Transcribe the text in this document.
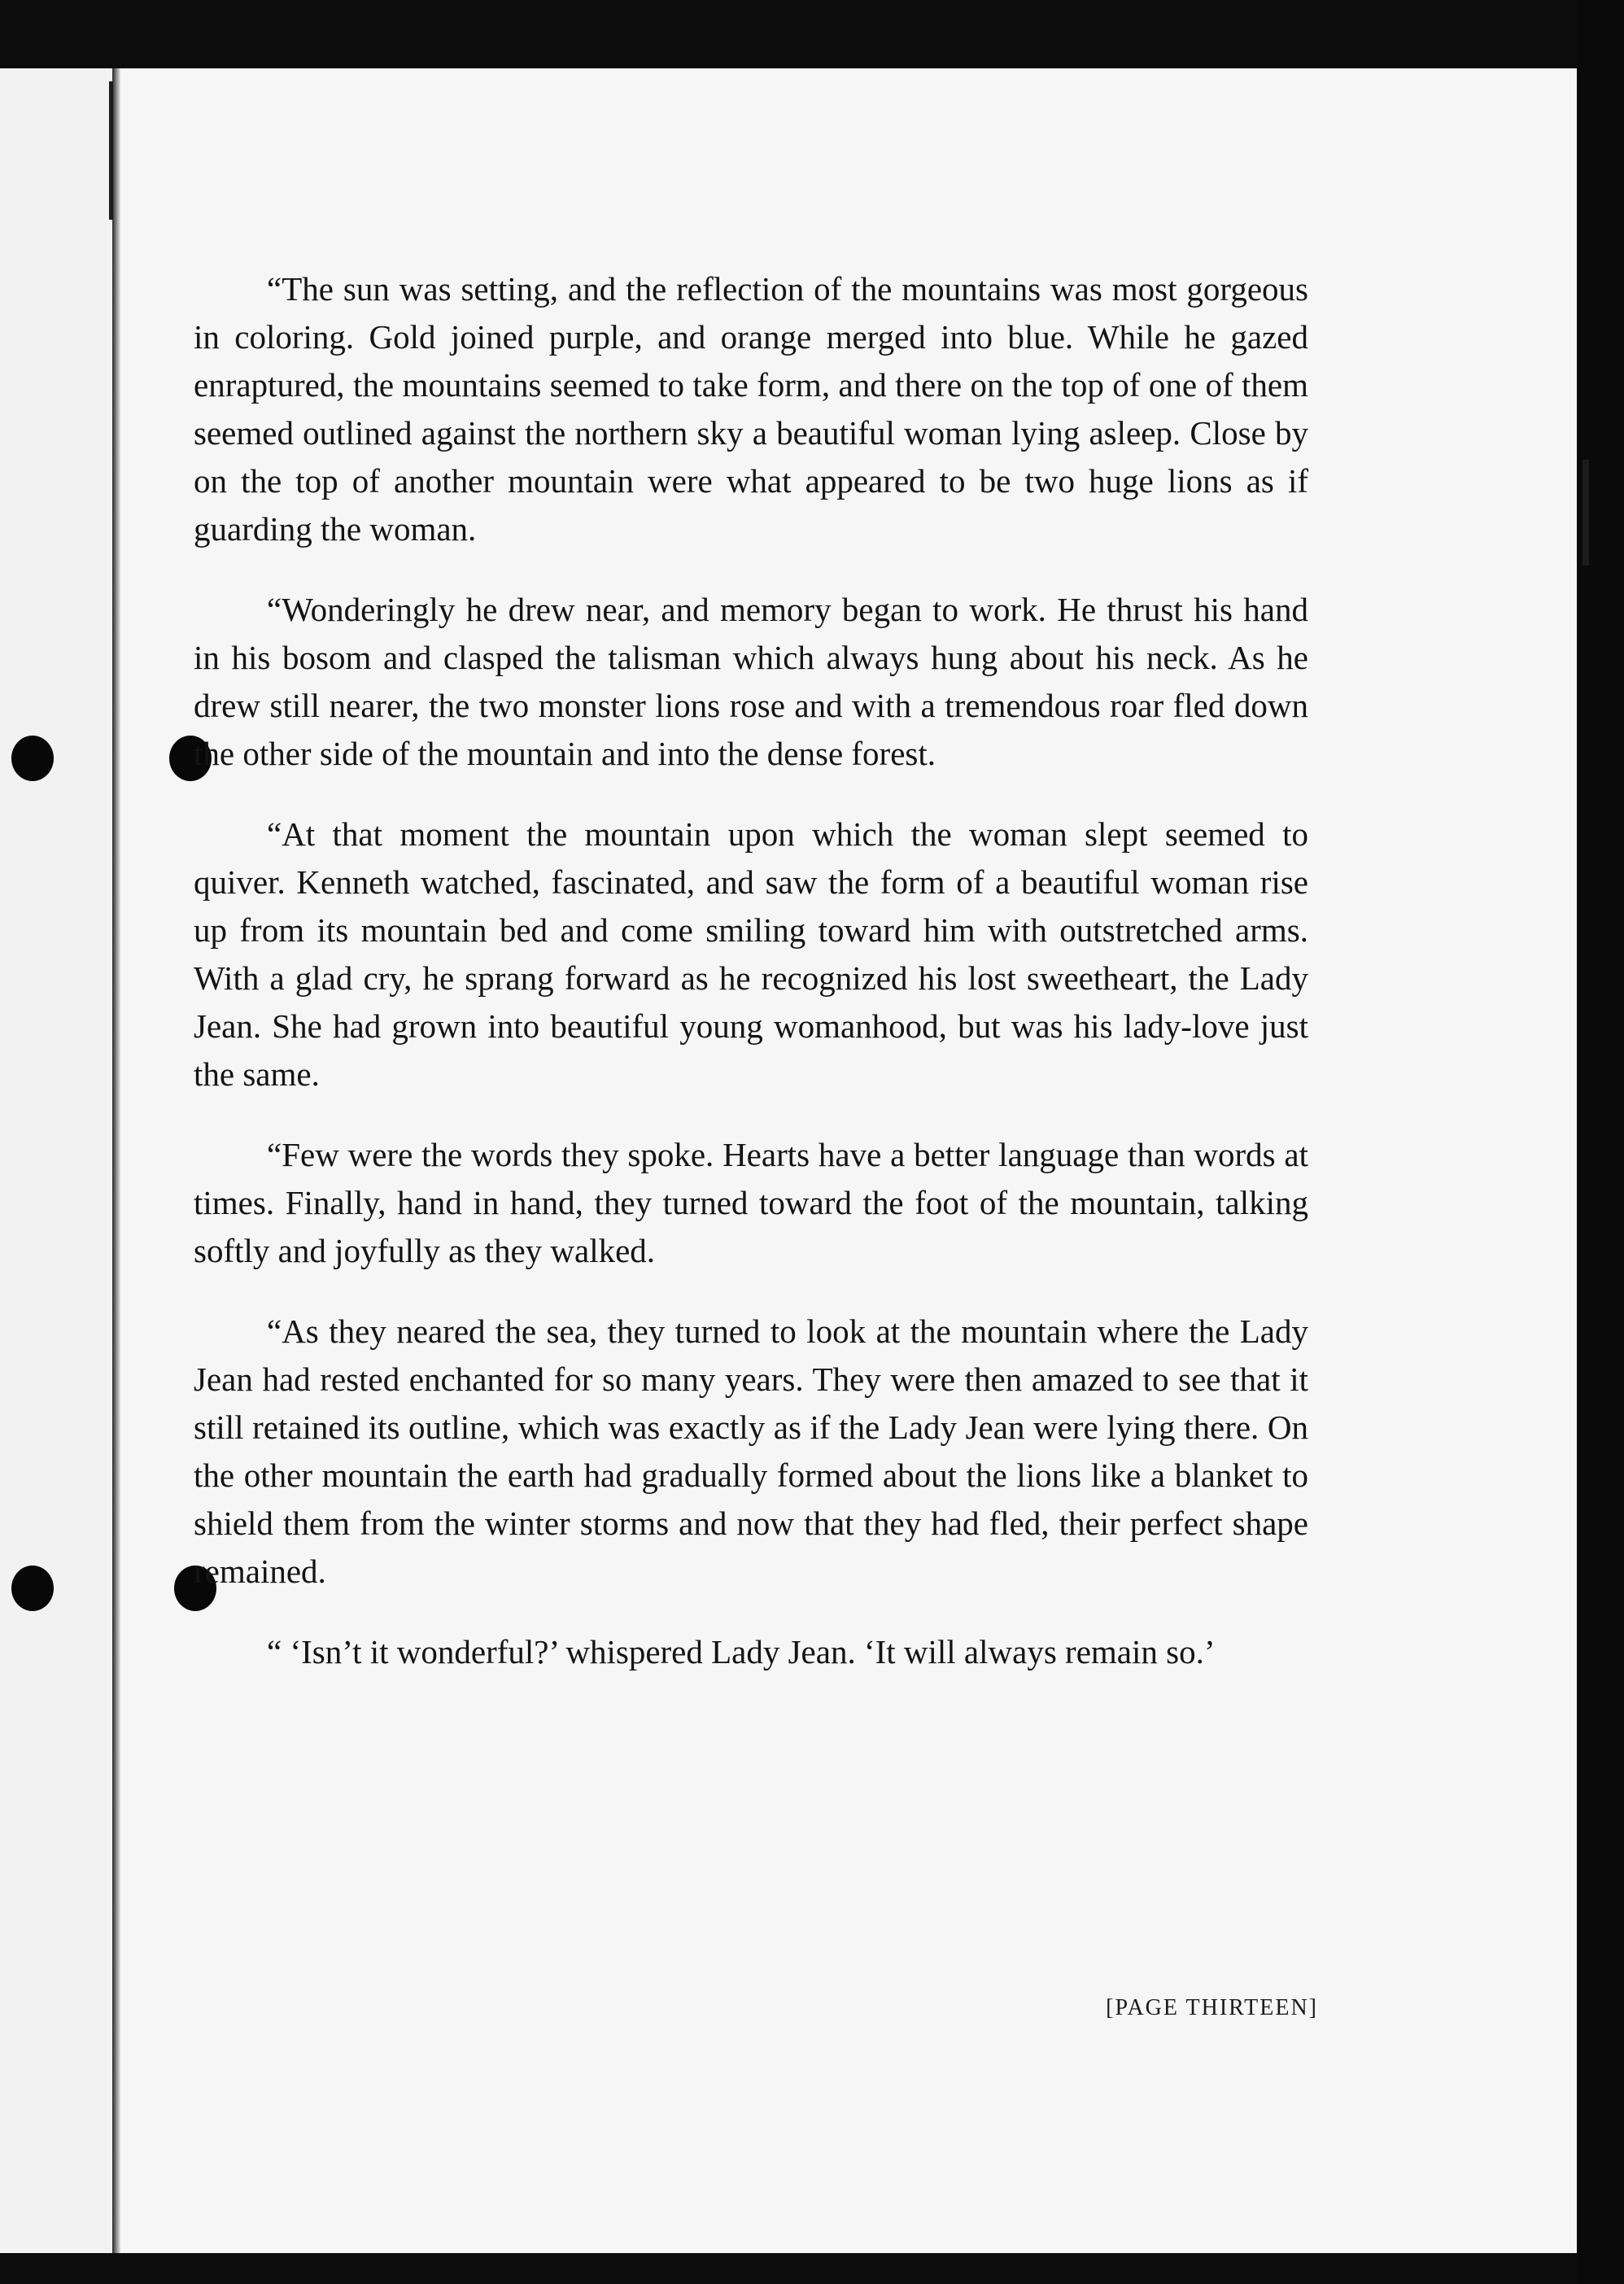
“The sun was setting, and the reflection of the mountains was most gorgeous in coloring. Gold joined purple, and orange merged into blue. While he gazed enraptured, the mountains seemed to take form, and there on the top of one of them seemed outlined against the northern sky a beautiful woman lying asleep. Close by on the top of another mountain were what appeared to be two huge lions as if guarding the woman.

“Wonderingly he drew near, and memory began to work. He thrust his hand in his bosom and clasped the talisman which always hung about his neck. As he drew still nearer, the two monster lions rose and with a tremendous roar fled down the other side of the mountain and into the dense forest.

“At that moment the mountain upon which the woman slept seemed to quiver. Kenneth watched, fascinated, and saw the form of a beautiful woman rise up from its mountain bed and come smiling toward him with outstretched arms. With a glad cry, he sprang forward as he recognized his lost sweetheart, the Lady Jean. She had grown into beautiful young womanhood, but was his lady-love just the same.

“Few were the words they spoke. Hearts have a better language than words at times. Finally, hand in hand, they turned toward the foot of the mountain, talking softly and joyfully as they walked.

“As they neared the sea, they turned to look at the mountain where the Lady Jean had rested enchanted for so many years. They were then amazed to see that it still retained its outline, which was exactly as if the Lady Jean were lying there. On the other mountain the earth had gradually formed about the lions like a blanket to shield them from the winter storms and now that they had fled, their perfect shape remained.

“ ‘Isn’t it wonderful?’ whispered Lady Jean. ‘It will always remain so.’

[PAGE THIRTEEN]
